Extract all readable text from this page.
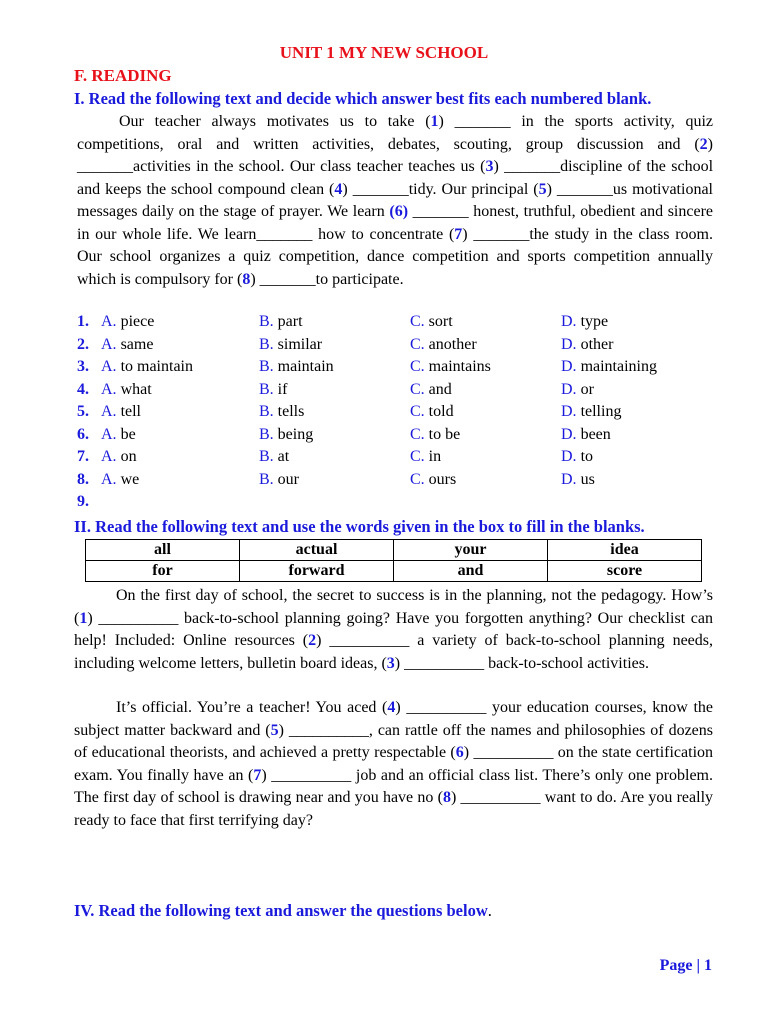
UNIT 1 MY NEW SCHOOL
F. READING
I. Read the following text and decide which answer best fits each numbered blank.

Our teacher always motivates us to take (1) _______ in the sports activity, quiz competitions, oral and written activities, debates, scouting, group discussion and (2) _______activities in the school. Our class teacher teaches us (3) _______discipline of the school and keeps the school compound clean (4) _______tidy. Our principal (5) _______us motivational messages daily on the stage of prayer. We learn (6) _______ honest, truthful, obedient and sincere in our whole life. We learn_______ how to concentrate (7) _______the study in the class room. Our school organizes a quiz competition, dance competition and sports competition annually which is compulsory for (8) _______to participate.

1. A. piece	B. part	C. sort	D. type
2. A. same	B. similar	C. another	D. other
3. A. to maintain	B. maintain	C. maintains	D. maintaining
4. A. what	B. if	C. and	D. or
5. A. tell	B. tells	C. told	D. telling
6. A. be	B. being	C. to be	D. been
7. A. on	B. at	C. in	D. to
8. A. we	B. our	C. ours	D. us
9.
II. Read the following text and use the words given in the box to fill in the blanks.
all	actual	your	idea
for	forward	and	score

On the first day of school, the secret to success is in the planning, not the pedagogy. How’s (1) __________ back-to-school planning going? Have you forgotten anything? Our checklist can help! Included: Online resources (2) __________ a variety of back-to-school planning needs, including welcome letters, bulletin board ideas, (3) __________ back-to-school activities.

It’s official. You’re a teacher! You aced (4) __________ your education courses, know the subject matter backward and (5) __________, can rattle off the names and philosophies of dozens of educational theorists, and achieved a pretty respectable (6) __________ on the state certification exam. You finally have an (7) __________ job and an official class list. There’s only one problem. The first day of school is drawing near and you have no (8) __________ want to do. Are you really ready to face that first terrifying day?

IV. Read the following text and answer the questions below.
Page | 1
